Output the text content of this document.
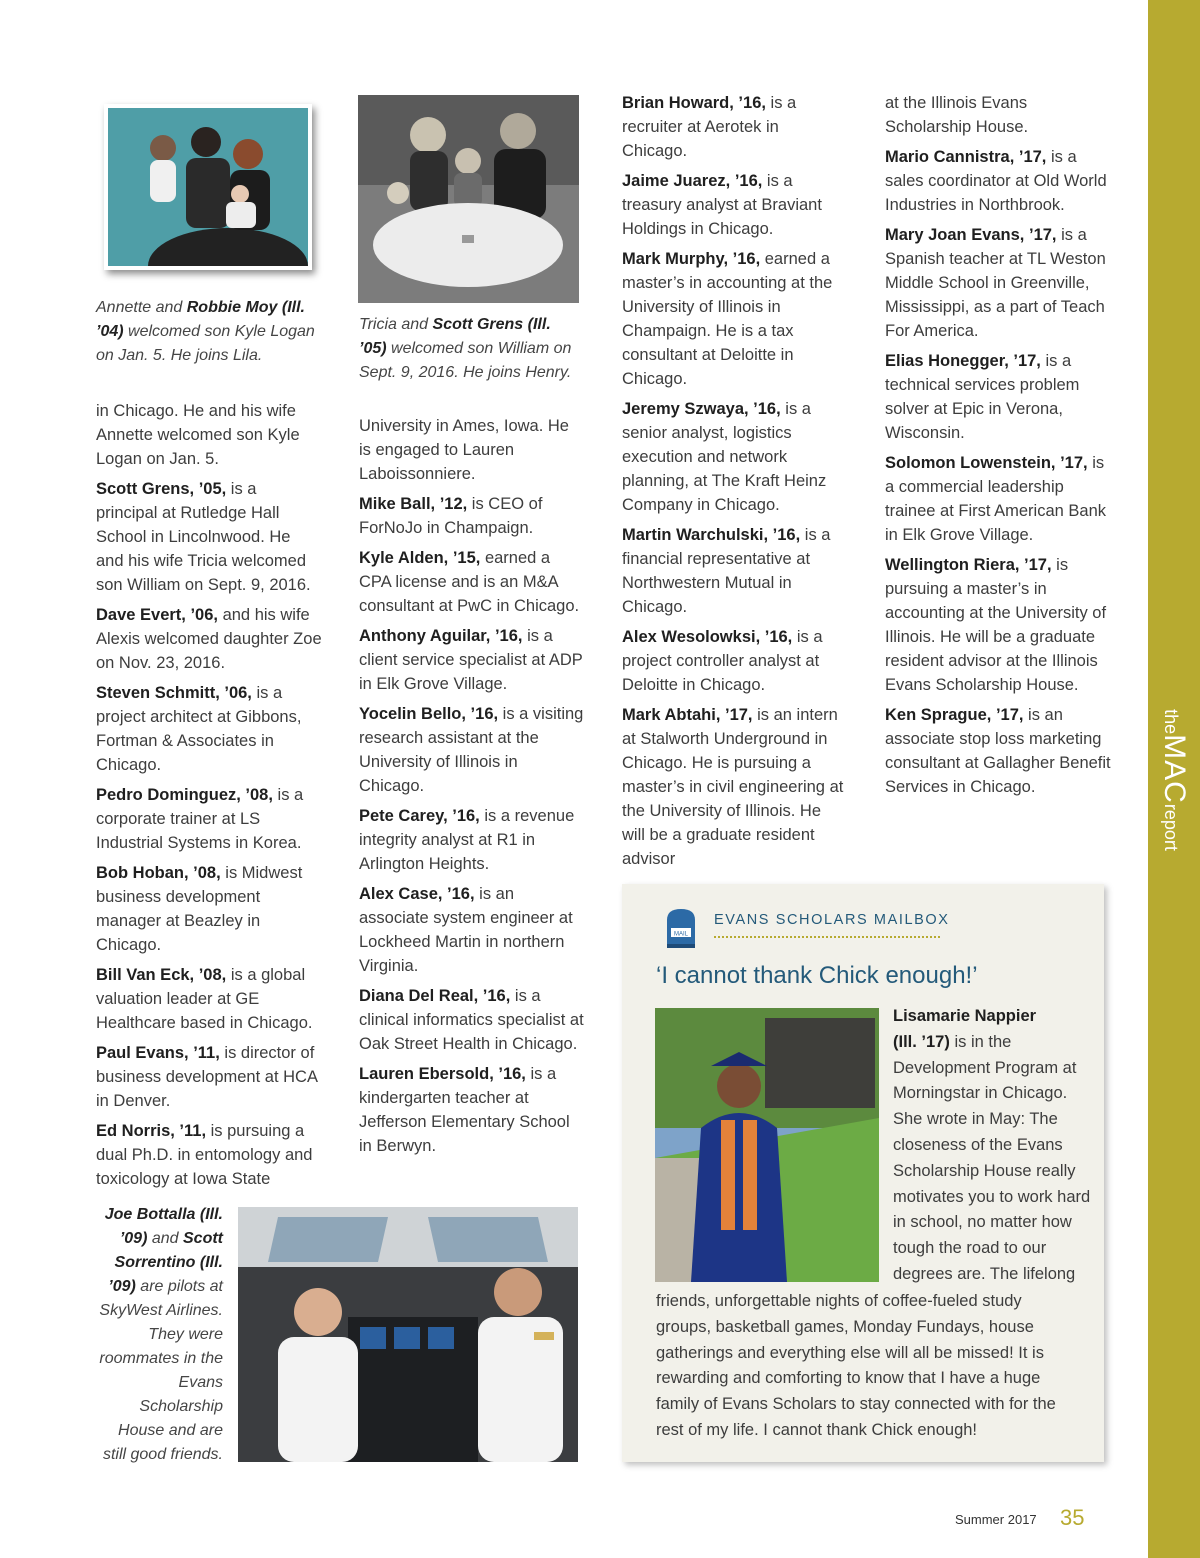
theMACreport
Annette and Robbie Moy (Ill. ’04) welcomed son Kyle Logan on Jan. 5. He joins Lila.
Tricia and Scott Grens (Ill. ’05) welcomed son William on Sept. 9, 2016. He joins Henry.

in Chicago. He and his wife Annette welcomed son Kyle Logan on Jan. 5.

Scott Grens, ’05, is a principal at Rutledge Hall School in Lincolnwood. He and his wife Tricia welcomed son William on Sept. 9, 2016.

Dave Evert, ’06, and his wife Alexis welcomed daughter Zoe on Nov. 23, 2016.

Steven Schmitt, ’06, is a project architect at Gibbons, Fortman & Associates in Chicago.

Pedro Dominguez, ’08, is a corporate trainer at LS Industrial Systems in Korea.

Bob Hoban, ’08, is Midwest business development manager at Beazley in Chicago.

Bill Van Eck, ’08, is a global valuation leader at GE Healthcare based in Chicago.

Paul Evans, ’11, is director of business development at HCA in Denver.

Ed Norris, ’11, is pursuing a dual Ph.D. in entomology and toxicology at Iowa State

University in Ames, Iowa. He is engaged to Lauren Laboissonniere.

Mike Ball, ’12, is CEO of ForNoJo in Champaign.

Kyle Alden, ’15, earned a CPA license and is an M&A consultant at PwC in Chicago.

Anthony Aguilar, ’16, is a client service specialist at ADP in Elk Grove Village.

Yocelin Bello, ’16, is a visiting research assistant at the University of Illinois in Chicago.

Pete Carey, ’16, is a revenue integrity analyst at R1 in Arlington Heights.

Alex Case, ’16, is an associate system engineer at Lockheed Martin in northern Virginia.

Diana Del Real, ’16, is a clinical informatics specialist at Oak Street Health in Chicago.

Lauren Ebersold, ’16, is a kindergarten teacher at Jefferson Elementary School in Berwyn.

Brian Howard, ’16, is a recruiter at Aerotek in Chicago.

Jaime Juarez, ’16, is a treasury analyst at Braviant Holdings in Chicago.

Mark Murphy, ’16, earned a master’s in accounting at the University of Illinois in Champaign. He is a tax consultant at Deloitte in Chicago.

Jeremy Szwaya, ’16, is a senior analyst, logistics execution and network planning, at The Kraft Heinz Company in Chicago.

Martin Warchulski, ’16, is a financial representative at Northwestern Mutual in Chicago.

Alex Wesolowksi, ’16, is a project controller analyst at Deloitte in Chicago.

Mark Abtahi, ’17, is an intern at Stalworth Underground in Chicago. He is pursuing a master’s in civil engineering at the University of Illinois. He will be a graduate resident advisor

at the Illinois Evans Scholarship House.

Mario Cannistra, ’17, is a sales coordinator at Old World Industries in Northbrook.

Mary Joan Evans, ’17, is a Spanish teacher at TL Weston Middle School in Greenville, Mississippi, as a part of Teach For America.

Elias Honegger, ’17, is a technical services problem solver at Epic in Verona, Wisconsin.

Solomon Lowenstein, ’17, is a commercial leadership trainee at First American Bank in Elk Grove Village.

Wellington Riera, ’17, is pursuing a master’s in accounting at the University of Illinois. He will be a graduate resident advisor at the Illinois Evans Scholarship House.

Ken Sprague, ’17, is an associate stop loss marketing consultant at Gallagher Benefit Services in Chicago.

Joe Bottalla (Ill. ’09) and Scott Sorrentino (Ill. ’09) are pilots at SkyWest Airlines. They were roommates in the Evans Scholarship House and are still good friends.
MAIL
EVANS SCHOLARS MAILBOX
‘I cannot thank Chick enough!’
Lisamarie Nappier
(Ill. ’17) is in the Development Program at Morningstar in Chicago. She wrote in May: The closeness of the Evans Scholarship House really motivates you to work hard in school, no matter how tough the road to our degrees are. The lifelong
friends, unforgettable nights of coffee-fueled study groups, basketball games, Monday Fundays, house gatherings and everything else will all be missed! It is rewarding and comforting to know that I have a huge family of Evans Scholars to stay connected with for the rest of my life. I cannot thank Chick enough!
Summer 2017 35
